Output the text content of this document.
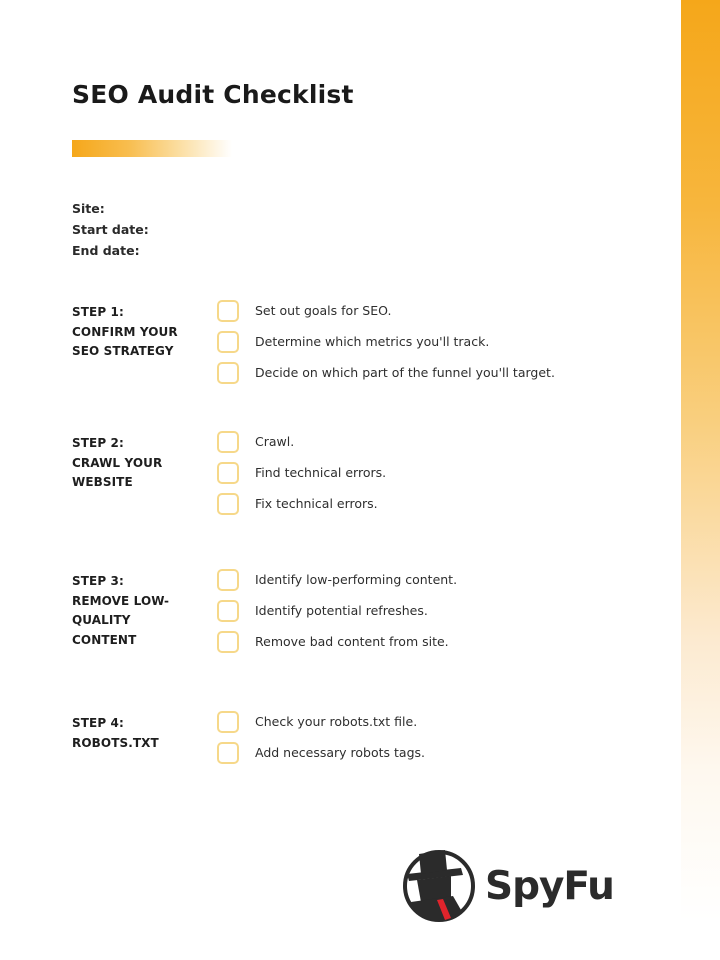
SEO Audit Checklist
Site:
Start date:
End date:
STEP 1:
CONFIRM YOUR
SEO STRATEGY
Set out goals for SEO.
Determine which metrics you'll track.
Decide on which part of the funnel you'll target.
STEP 2:
CRAWL YOUR
WEBSITE
Crawl.
Find technical errors.
Fix technical errors.
STEP 3:
REMOVE LOW-
QUALITY
CONTENT
Identify low-performing content.
Identify potential refreshes.
Remove bad content from site.
STEP 4:
ROBOTS.TXT
Check your robots.txt file.
Add necessary robots tags.
SpyFu
